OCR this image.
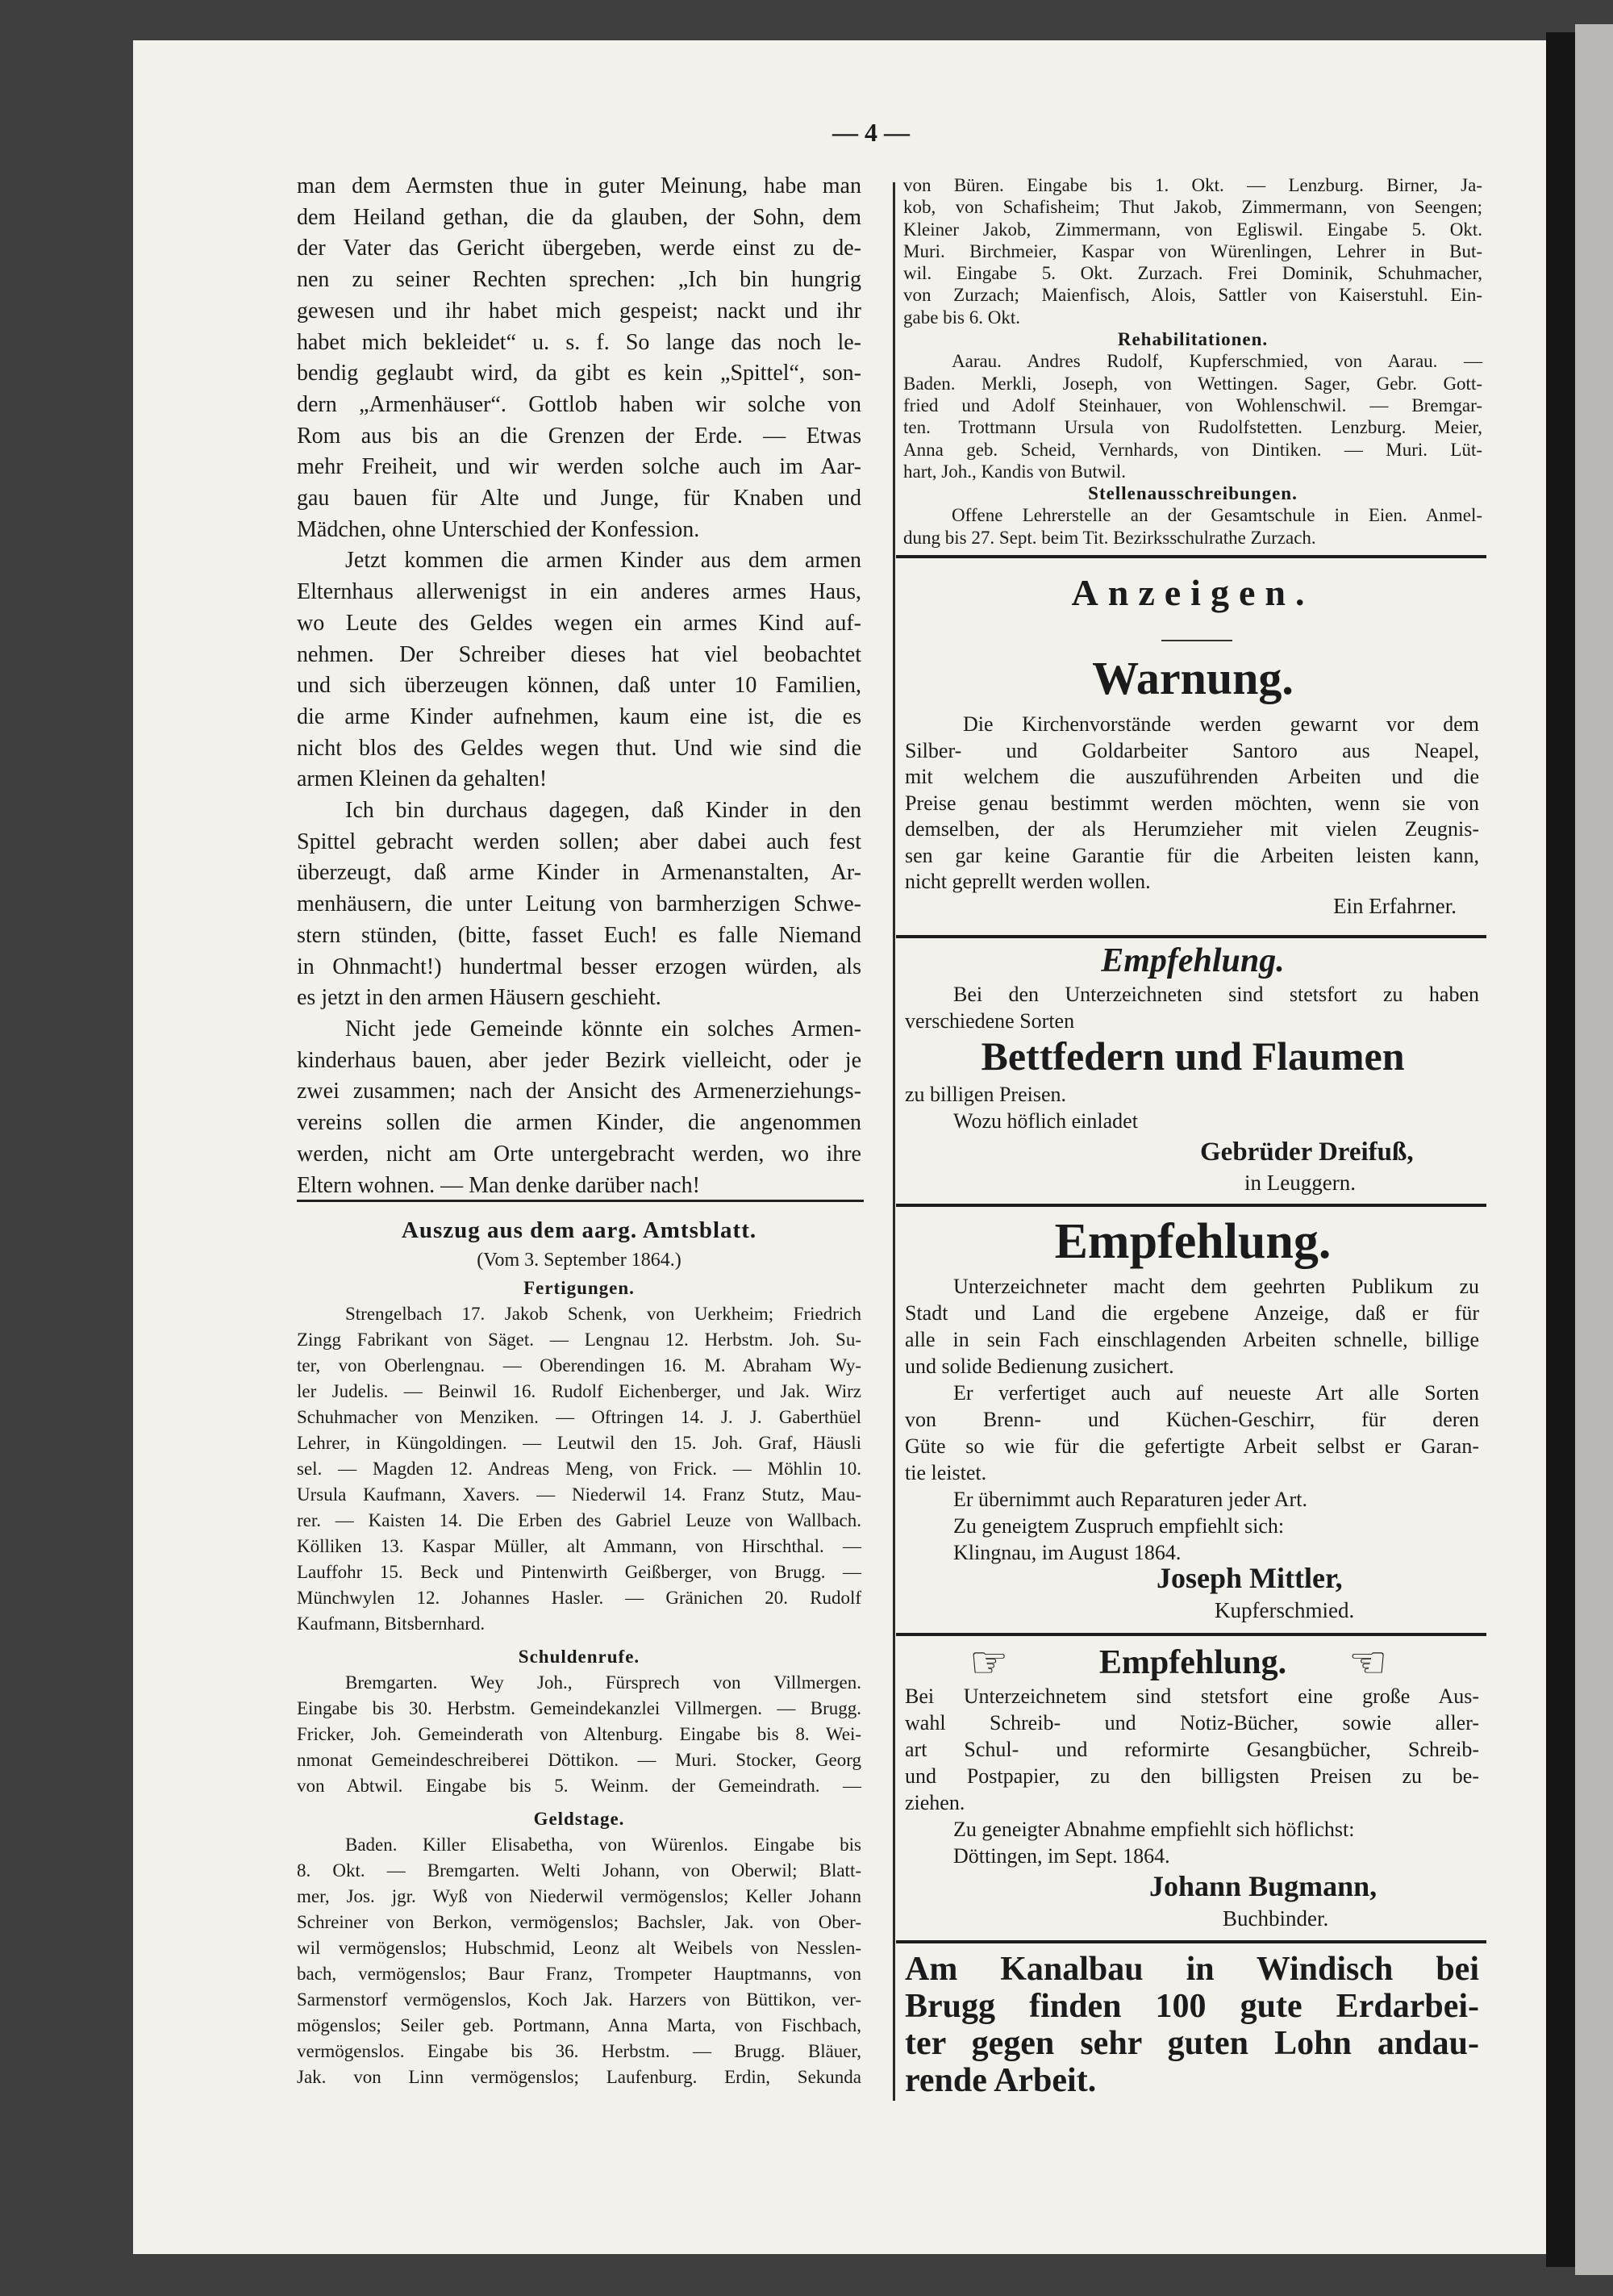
— 4 —
man dem Aermsten thue in guter Meinung, habe man
dem Heiland gethan, die da glauben, der Sohn, dem
der Vater das Gericht übergeben, werde einst zu de-
nen zu seiner Rechten sprechen: „Ich bin hungrig
gewesen und ihr habet mich gespeist; nackt und ihr
habet mich bekleidet“ u. s. f. So lange das noch le-
bendig geglaubt wird, da gibt es kein „Spittel“, son-
dern „Armenhäuser“. Gottlob haben wir solche von
Rom aus bis an die Grenzen der Erde. — Etwas
mehr Freiheit, und wir werden solche auch im Aar-
gau bauen für Alte und Junge, für Knaben und
Mädchen, ohne Unterschied der Konfession.
Jetzt kommen die armen Kinder aus dem armen
Elternhaus allerwenigst in ein anderes armes Haus,
wo Leute des Geldes wegen ein armes Kind auf-
nehmen. Der Schreiber dieses hat viel beobachtet
und sich überzeugen können, daß unter 10 Familien,
die arme Kinder aufnehmen, kaum eine ist, die es
nicht blos des Geldes wegen thut. Und wie sind die
armen Kleinen da gehalten!
Ich bin durchaus dagegen, daß Kinder in den
Spittel gebracht werden sollen; aber dabei auch fest
überzeugt, daß arme Kinder in Armenanstalten, Ar-
menhäusern, die unter Leitung von barmherzigen Schwe-
stern stünden, (bitte, fasset Euch! es falle Niemand
in Ohnmacht!) hundertmal besser erzogen würden, als
es jetzt in den armen Häusern geschieht.
Nicht jede Gemeinde könnte ein solches Armen-
kinderhaus bauen, aber jeder Bezirk vielleicht, oder je
zwei zusammen; nach der Ansicht des Armenerziehungs-
vereins sollen die armen Kinder, die angenommen
werden, nicht am Orte untergebracht werden, wo ihre
Eltern wohnen. — Man denke darüber nach!
Auszug aus dem aarg. Amtsblatt.
(Vom 3. September 1864.)
Fertigungen.
Strengelbach 17. Jakob Schenk, von Uerkheim; Friedrich
Zingg Fabrikant von Säget. — Lengnau 12. Herbstm. Joh. Su-
ter, von Oberlengnau. — Oberendingen 16. M. Abraham Wy-
ler Judelis. — Beinwil 16. Rudolf Eichenberger, und Jak. Wirz
Schuhmacher von Menziken. — Oftringen 14. J. J. Gaberthüel
Lehrer, in Küngoldingen. — Leutwil den 15. Joh. Graf, Häusli
sel. — Magden 12. Andreas Meng, von Frick. — Möhlin 10.
Ursula Kaufmann, Xavers. — Niederwil 14. Franz Stutz, Mau-
rer. — Kaisten 14. Die Erben des Gabriel Leuze von Wallbach.
Kölliken 13. Kaspar Müller, alt Ammann, von Hirschthal. —
Lauffohr 15. Beck und Pintenwirth Geißberger, von Brugg. —
Münchwylen 12. Johannes Hasler. — Gränichen 20. Rudolf
Kaufmann, Bitsbernhard.
Schuldenrufe.
Bremgarten. Wey Joh., Fürsprech von Villmergen.
Eingabe bis 30. Herbstm. Gemeindekanzlei Villmergen. — Brugg.
Fricker, Joh. Gemeinderath von Altenburg. Eingabe bis 8. Wei-
nmonat Gemeindeschreiberei Döttikon. — Muri. Stocker, Georg
von Abtwil. Eingabe bis 5. Weinm. der Gemeindrath. —
Geldstage.
Baden. Killer Elisabetha, von Würenlos. Eingabe bis
8. Okt. — Bremgarten. Welti Johann, von Oberwil; Blatt-
mer, Jos. jgr. Wyß von Niederwil vermögenslos; Keller Johann
Schreiner von Berkon, vermögenslos; Bachsler, Jak. von Ober-
wil vermögenslos; Hubschmid, Leonz alt Weibels von Nesslen-
bach, vermögenslos; Baur Franz, Trompeter Hauptmanns, von
Sarmenstorf vermögenslos, Koch Jak. Harzers von Büttikon, ver-
mögenslos; Seiler geb. Portmann, Anna Marta, von Fischbach,
vermögenslos. Eingabe bis 36. Herbstm. — Brugg. Bläuer,
Jak. von Linn vermögenslos; Laufenburg. Erdin, Sekunda
von Büren. Eingabe bis 1. Okt. — Lenzburg. Birner, Ja-
kob, von Schafisheim; Thut Jakob, Zimmermann, von Seengen;
Kleiner Jakob, Zimmermann, von Egliswil. Eingabe 5. Okt.
Muri. Birchmeier, Kaspar von Würenlingen, Lehrer in But-
wil. Eingabe 5. Okt. Zurzach. Frei Dominik, Schuhmacher,
von Zurzach; Maienfisch, Alois, Sattler von Kaiserstuhl. Ein-
gabe bis 6. Okt.
Rehabilitationen.
Aarau. Andres Rudolf, Kupferschmied, von Aarau. —
Baden. Merkli, Joseph, von Wettingen. Sager, Gebr. Gott-
fried und Adolf Steinhauer, von Wohlenschwil. — Bremgar-
ten. Trottmann Ursula von Rudolfstetten. Lenzburg. Meier,
Anna geb. Scheid, Vernhards, von Dintiken. — Muri. Lüt-
hart, Joh., Kandis von Butwil.
Stellenausschreibungen.
Offene Lehrerstelle an der Gesamtschule in Eien. Anmel-
dung bis 27. Sept. beim Tit. Bezirksschulrathe Zurzach.
Anzeigen.
Warnung.
Die Kirchenvorstände werden gewarnt vor dem
Silber- und Goldarbeiter Santoro aus Neapel,
mit welchem die auszuführenden Arbeiten und die
Preise genau bestimmt werden möchten, wenn sie von
demselben, der als Herumzieher mit vielen Zeugnis-
sen gar keine Garantie für die Arbeiten leisten kann,
nicht geprellt werden wollen.
Ein Erfahrner.
Empfehlung.
Bei den Unterzeichneten sind stetsfort zu haben
verschiedene Sorten
Bettfedern und Flaumen
zu billigen Preisen.
Wozu höflich einladet
Gebrüder Dreifuß,
in Leuggern.
Empfehlung.
Unterzeichneter macht dem geehrten Publikum zu
Stadt und Land die ergebene Anzeige, daß er für
alle in sein Fach einschlagenden Arbeiten schnelle, billige
und solide Bedienung zusichert.
Er verfertiget auch auf neueste Art alle Sorten
von Brenn- und Küchen-Geschirr, für deren
Güte so wie für die gefertigte Arbeit selbst er Garan-
tie leistet.
Er übernimmt auch Reparaturen jeder Art.
Zu geneigtem Zuspruch empfiehlt sich:
Klingnau, im August 1864.
Joseph Mittler,
Kupferschmied.
☞	Empfehlung.	☜
Bei Unterzeichnetem sind stetsfort eine große Aus-
wahl Schreib- und Notiz-Bücher, sowie aller-
art Schul- und reformirte Gesangbücher, Schreib-
und Postpapier, zu den billigsten Preisen zu be-
ziehen.
Zu geneigter Abnahme empfiehlt sich höflichst:
Döttingen, im Sept. 1864.
Johann Bugmann,
Buchbinder.
Am Kanalbau in Windisch bei
Brugg finden 100 gute Erdarbei-
ter gegen sehr guten Lohn andau-
rende Arbeit.
